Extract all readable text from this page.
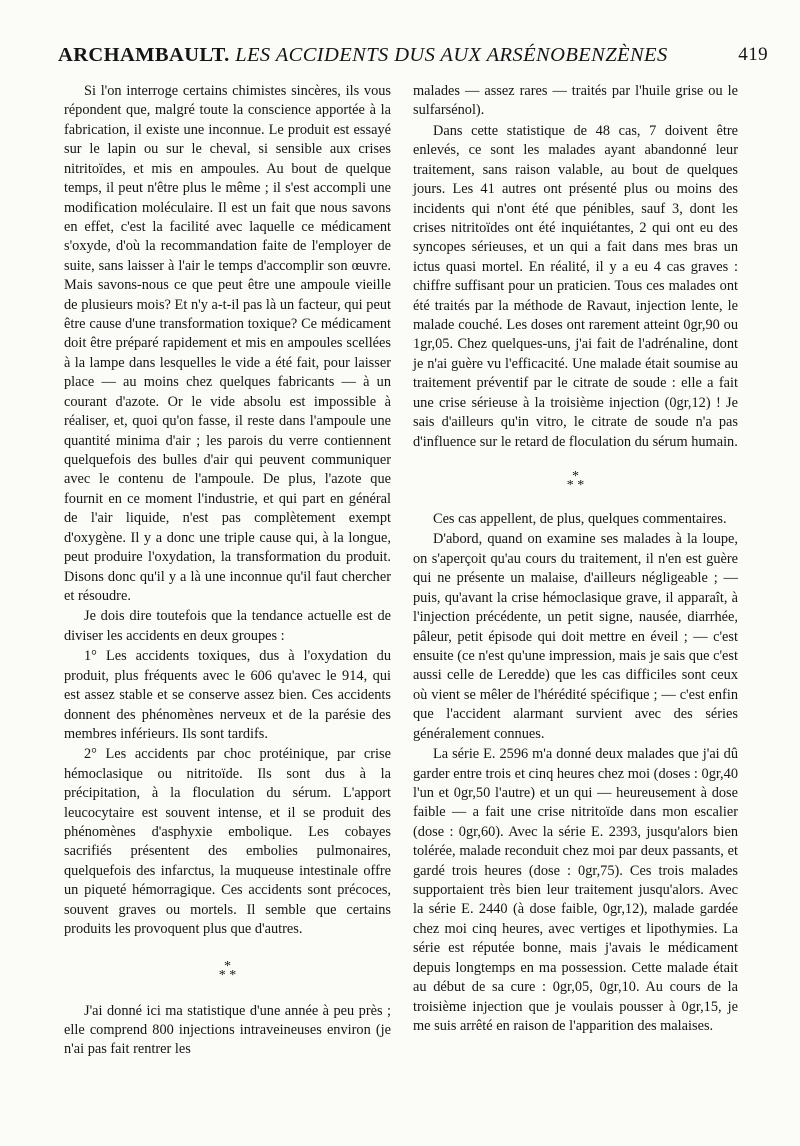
ARCHAMBAULT. LES ACCIDENTS DUS AUX ARSÉNOBENZÈNES	419

Si l'on interroge certains chimistes sincères, ils vous répondent que, malgré toute la conscience apportée à la fabrication, il existe une inconnue. Le produit est essayé sur le lapin ou sur le cheval, si sensible aux crises nitritoïdes, et mis en ampoules. Au bout de quelque temps, il peut n'être plus le même ; il s'est accompli une modification moléculaire. Il est un fait que nous savons en effet, c'est la facilité avec laquelle ce médicament s'oxyde, d'où la recommandation faite de l'employer de suite, sans laisser à l'air le temps d'accomplir son œuvre. Mais savons-nous ce que peut être une ampoule vieille de plusieurs mois? Et n'y a-t-il pas là un facteur, qui peut être cause d'une transformation toxique? Ce médicament doit être préparé rapidement et mis en ampoules scellées à la lampe dans lesquelles le vide a été fait, pour laisser place — au moins chez quelques fabricants — à un courant d'azote. Or le vide absolu est impossible à réaliser, et, quoi qu'on fasse, il reste dans l'ampoule une quantité minima d'air ; les parois du verre contiennent quelquefois des bulles d'air qui peuvent communiquer avec le contenu de l'ampoule. De plus, l'azote que fournit en ce moment l'industrie, et qui part en général de l'air liquide, n'est pas complètement exempt d'oxygène. Il y a donc une triple cause qui, à la longue, peut produire l'oxydation, la transformation du produit. Disons donc qu'il y a là une inconnue qu'il faut chercher et résoudre.

Je dois dire toutefois que la tendance actuelle est de diviser les accidents en deux groupes :

1° Les accidents toxiques, dus à l'oxydation du produit, plus fréquents avec le 606 qu'avec le 914, qui est assez stable et se conserve assez bien. Ces accidents donnent des phénomènes nerveux et de la parésie des membres inférieurs. Ils sont tardifs.

2° Les accidents par choc protéinique, par crise hémoclasique ou nitritoïde. Ils sont dus à la précipitation, à la floculation du sérum. L'apport leucocytaire est souvent intense, et il se produit des phénomènes d'asphyxie embolique. Les cobayes sacrifiés présentent des embolies pulmonaires, quelquefois des infarctus, la muqueuse intestinale offre un piqueté hémorragique. Ces accidents sont précoces, souvent graves ou mortels. Il semble que certains produits les provoquent plus que d'autres.

*
* *

J'ai donné ici ma statistique d'une année à peu près ; elle comprend 800 injections intraveineuses environ (je n'ai pas fait rentrer les

malades — assez rares — traités par l'huile grise ou le sulfarsénol).

Dans cette statistique de 48 cas, 7 doivent être enlevés, ce sont les malades ayant abandonné leur traitement, sans raison valable, au bout de quelques jours. Les 41 autres ont présenté plus ou moins des incidents qui n'ont été que pénibles, sauf 3, dont les crises nitritoïdes ont été inquiétantes, 2 qui ont eu des syncopes sérieuses, et un qui a fait dans mes bras un ictus quasi mortel. En réalité, il y a eu 4 cas graves : chiffre suffisant pour un praticien. Tous ces malades ont été traités par la méthode de Ravaut, injection lente, le malade couché. Les doses ont rarement atteint 0gr,90 ou 1gr,05. Chez quelques-uns, j'ai fait de l'adrénaline, dont je n'ai guère vu l'efficacité. Une malade était soumise au traitement préventif par le citrate de soude : elle a fait une crise sérieuse à la troisième injection (0gr,12) ! Je sais d'ailleurs qu'in vitro, le citrate de soude n'a pas d'influence sur le retard de floculation du sérum humain.

*
* *

Ces cas appellent, de plus, quelques commentaires.

D'abord, quand on examine ses malades à la loupe, on s'aperçoit qu'au cours du traitement, il n'en est guère qui ne présente un malaise, d'ailleurs négligeable ; — puis, qu'avant la crise hémoclasique grave, il apparaît, à l'injection précédente, un petit signe, nausée, diarrhée, pâleur, petit épisode qui doit mettre en éveil ; — c'est ensuite (ce n'est qu'une impression, mais je sais que c'est aussi celle de Leredde) que les cas difficiles sont ceux où vient se mêler de l'hérédité spécifique ; — c'est enfin que l'accident alarmant survient avec des séries généralement connues.

La série E. 2596 m'a donné deux malades que j'ai dû garder entre trois et cinq heures chez moi (doses : 0gr,40 l'un et 0gr,50 l'autre) et un qui — heureusement à dose faible — a fait une crise nitritoïde dans mon escalier (dose : 0gr,60). Avec la série E. 2393, jusqu'alors bien tolérée, malade reconduit chez moi par deux passants, et gardé trois heures (dose : 0gr,75). Ces trois malades supportaient très bien leur traitement jusqu'alors. Avec la série E. 2440 (à dose faible, 0gr,12), malade gardée chez moi cinq heures, avec vertiges et lipothymies. La série est réputée bonne, mais j'avais le médicament depuis longtemps en ma possession. Cette malade était au début de sa cure : 0gr,05, 0gr,10. Au cours de la troisième injection que je voulais pousser à 0gr,15, je me suis arrêté en raison de l'apparition des malaises.
